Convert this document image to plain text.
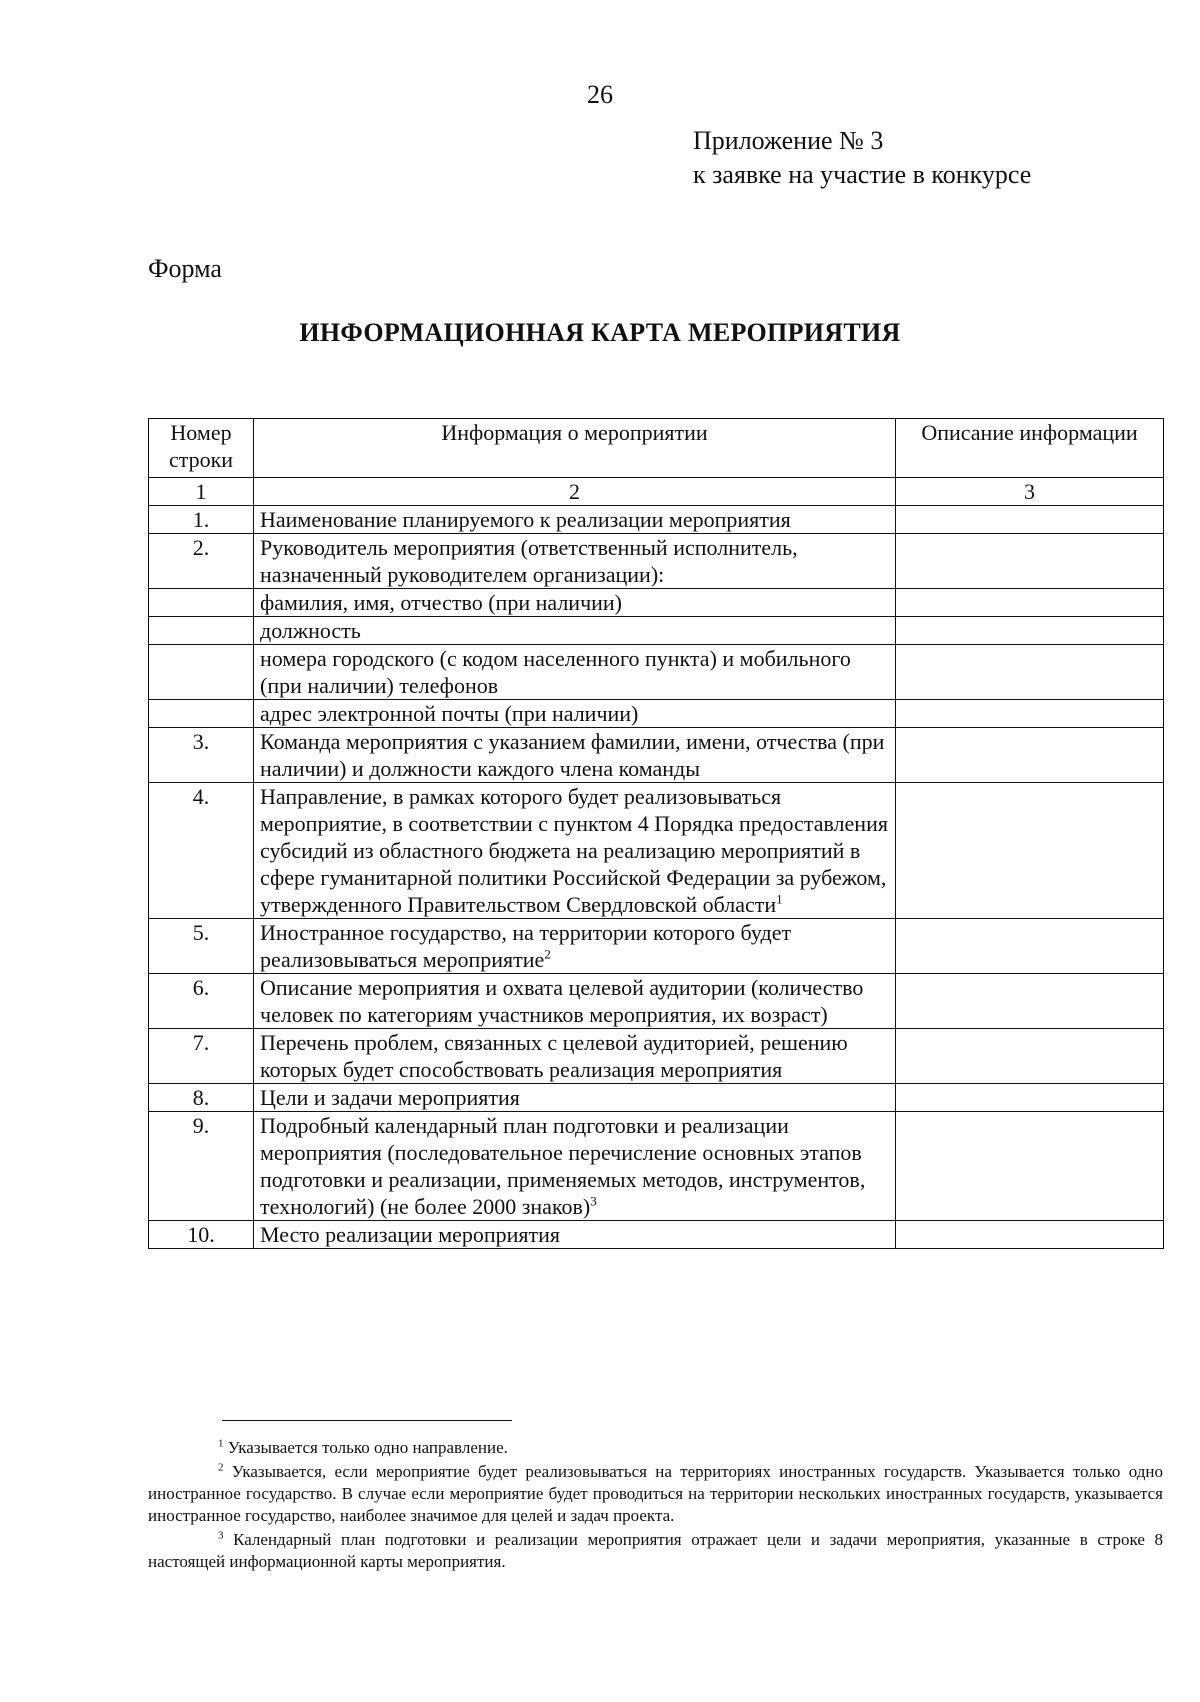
26
Приложение № 3
к заявке на участие в конкурсе
Форма
ИНФОРМАЦИОННАЯ КАРТА МЕРОПРИЯТИЯ
Номер строки	Информация о мероприятии	Описание информации
1	2	3
1.	Наименование планируемого к реализации мероприятия	
2.	Руководитель мероприятия (ответственный исполнитель, назначенный руководителем организации):	
	фамилия, имя, отчество (при наличии)	
	должность	
	номера городского (с кодом населенного пункта) и мобильного (при наличии) телефонов	
	адрес электронной почты (при наличии)	
3.	Команда мероприятия с указанием фамилии, имени, отчества (при наличии) и должности каждого члена команды	
4.	Направление, в рамках которого будет реализовываться мероприятие, в соответствии с пунктом 4 Порядка предоставления субсидий из областного бюджета на реализацию мероприятий в сфере гуманитарной политики Российской Федерации за рубежом, утвержденного Правительством Свердловской области$^1$	
5.	Иностранное государство, на территории которого будет реализовываться мероприятие$^2$	
6.	Описание мероприятия и охвата целевой аудитории (количество человек по категориям участников мероприятия, их возраст)	
7.	Перечень проблем, связанных с целевой аудиторией, решению которых будет способствовать реализация мероприятия	
8.	Цели и задачи мероприятия	
9.	Подробный календарный план подготовки и реализации мероприятия (последовательное перечисление основных этапов подготовки и реализации, применяемых методов, инструментов, технологий) (не более 2000 знаков)$^3$	
10.	Место реализации мероприятия	

$^1$ Указывается только одно направление.

$^2$ Указывается, если мероприятие будет реализовываться на территориях иностранных государств. Указывается только одно иностранное государство. В случае если мероприятие будет проводиться на территории нескольких иностранных государств, указывается иностранное государство, наиболее значимое для целей и задач проекта.

$^3$ Календарный план подготовки и реализации мероприятия отражает цели и задачи мероприятия, указанные в строке 8 настоящей информационной карты мероприятия.
